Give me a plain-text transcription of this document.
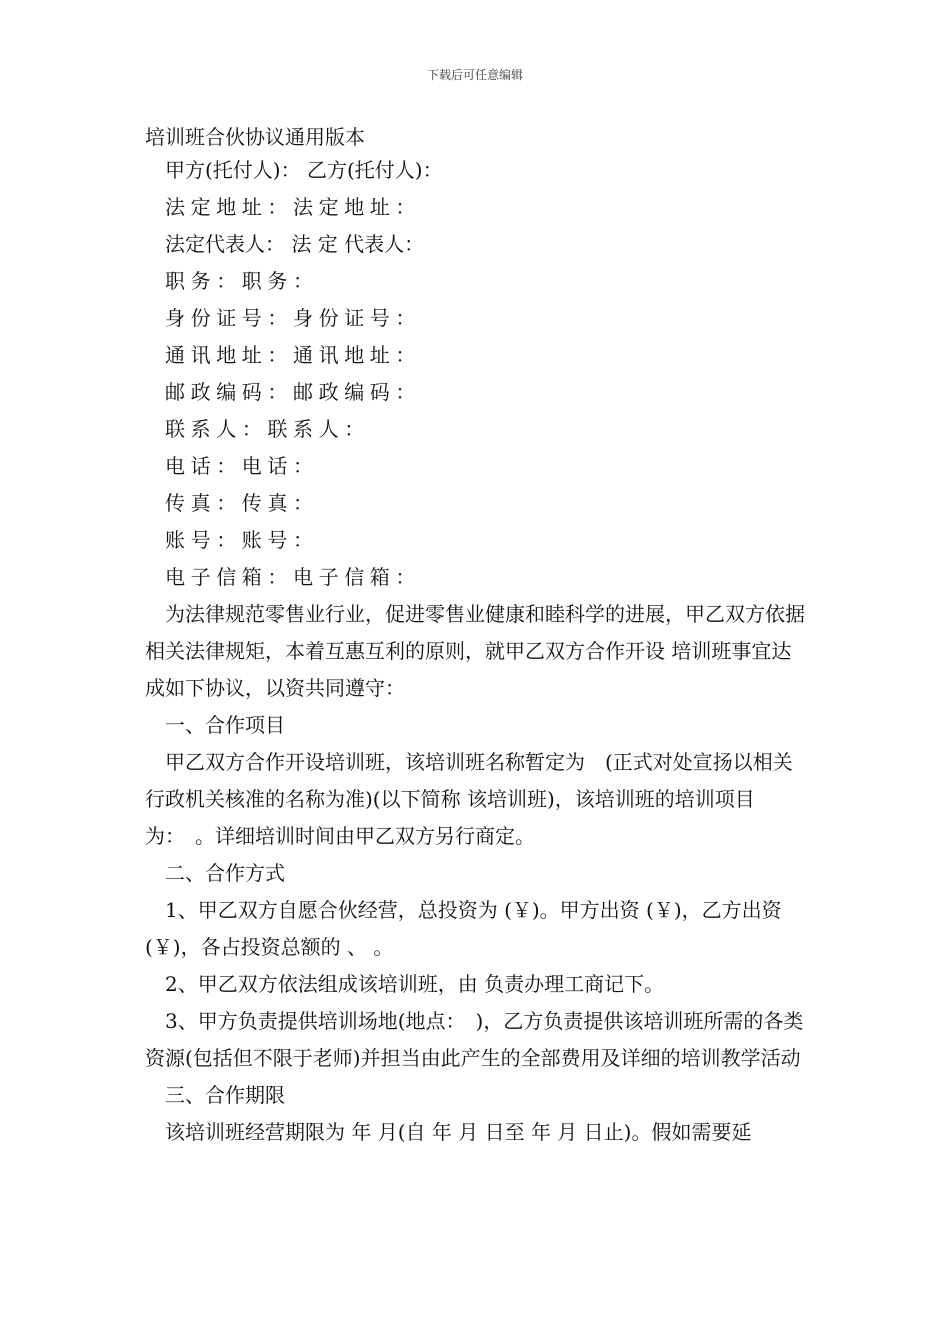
下载后可任意编辑
培训班合伙协议通用版本
甲方(托付人)： 乙方(托付人)：
法定地址：法定地址：
法定代表人： 法 定 代表人：
职务：职务：
身份证号：身份证号：
通讯地址：通讯地址：
邮政编码：邮政编码：
联系人：联系人：
电话：电话：
传真：传真：
账号：账号：
电子信箱：电子信箱：

为法律规范零售业行业，促进零售业健康和睦科学的进展，甲乙双方依据相关法律规矩，本着互惠互利的原则，就甲乙双方合作开设 培训班事宜达成如下协议，以资共同遵守：

一、合作项目

甲乙双方合作开设培训班，该培训班名称暂定为　(正式对处宣扬以相关行政机关核准的名称为准)(以下简称 该培训班)，该培训班的培训项目为：　。详细培训时间由甲乙双方另行商定。

二、合作方式

1、甲乙双方自愿合伙经营，总投资为 (￥)。甲方出资 (￥)，乙方出资 (￥)，各占投资总额的 、 。

2、甲乙双方依法组成该培训班，由 负责办理工商记下。

3、甲方负责提供培训场地(地点：　)，乙方负责提供该培训班所需的各类资源(包括但不限于老师)并担当由此产生的全部费用及详细的培训教学活动

三、合作期限

该培训班经营期限为 年 月(自 年 月 日至 年 月 日止)。假如需要延
